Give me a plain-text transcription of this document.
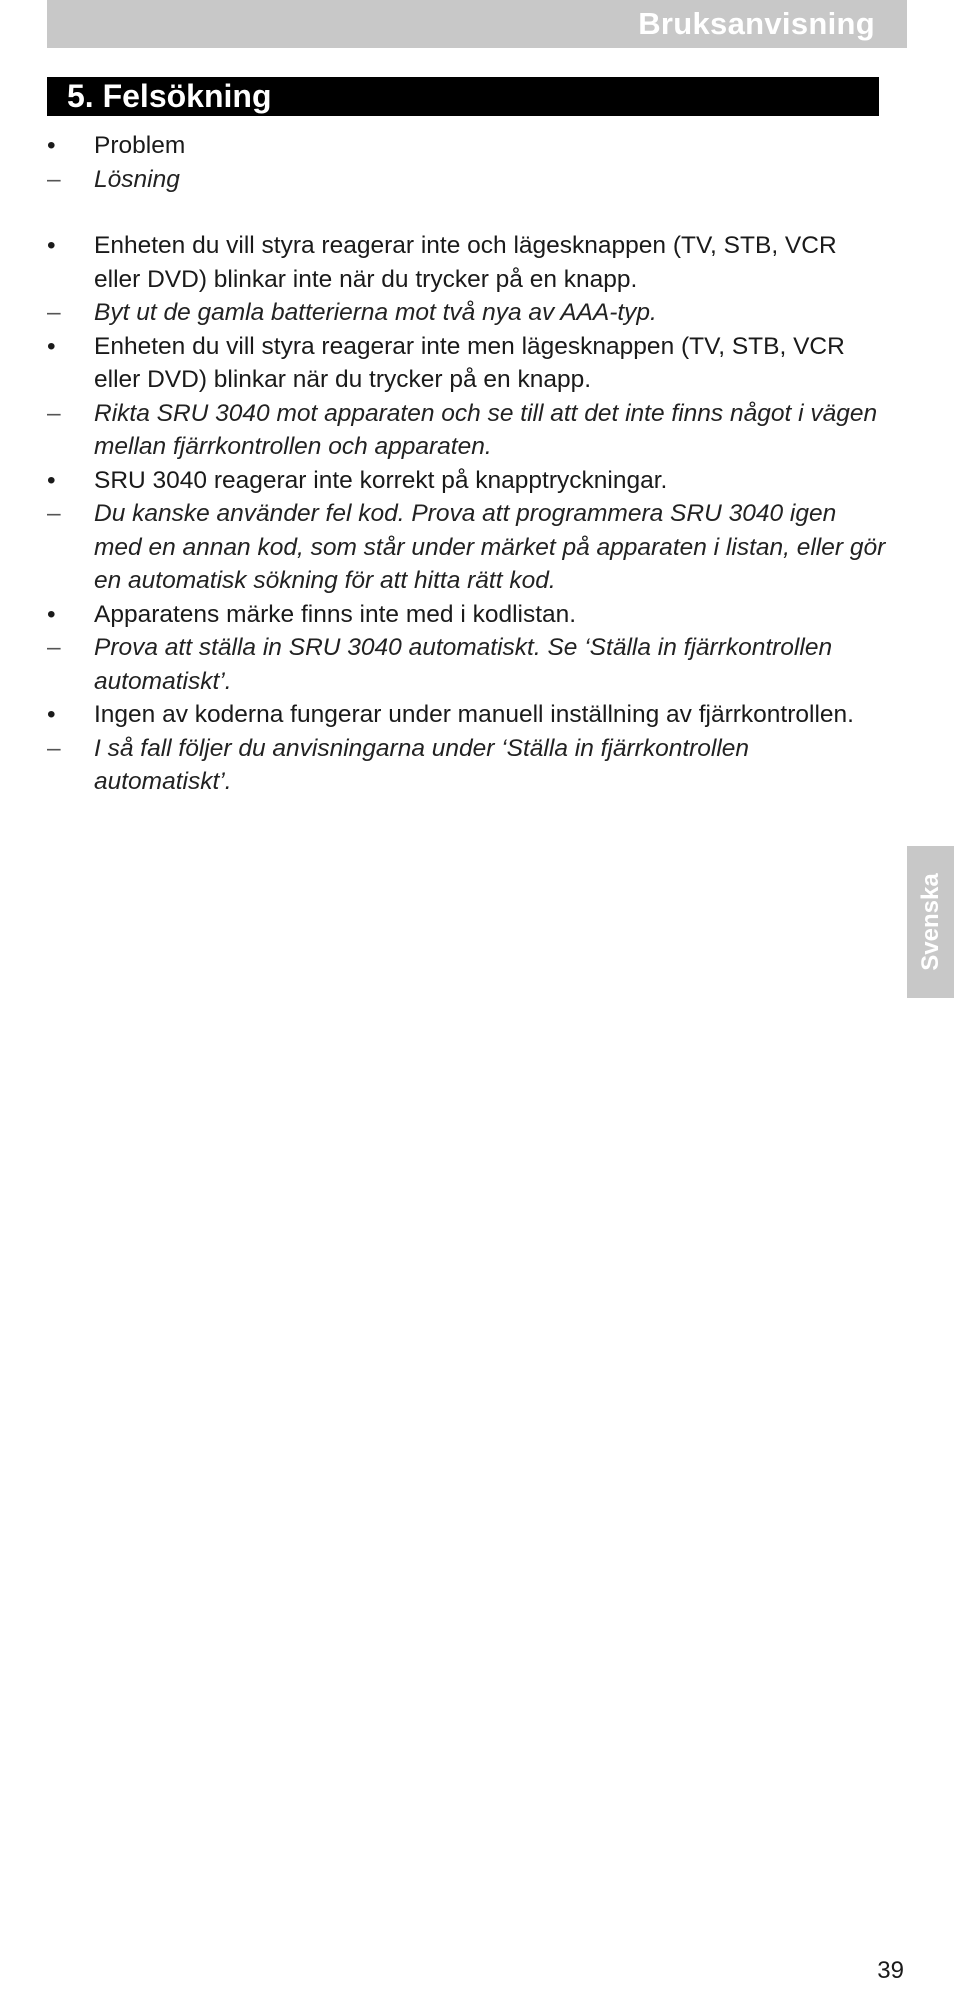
Bruksanvisning
5. Felsökning
•	Problem
– Lösning
•	Enheten du vill styra reagerar inte och lägesknappen (TV, STB, VCR eller DVD) blinkar inte när du trycker på en knapp.
– Byt ut de gamla batterierna mot två nya av AAA-typ.
•	Enheten du vill styra reagerar inte men lägesknappen (TV, STB, VCR eller DVD) blinkar när du trycker på en knapp.
– Rikta SRU 3040 mot apparaten och se till att det inte finns något i vägen mellan fjärrkontrollen och apparaten.
•	SRU 3040 reagerar inte korrekt på knapptryckningar.
– Du kanske använder fel kod. Prova att programmera SRU 3040 igen med en annan kod, som står under märket på apparaten i listan, eller gör en automatisk sökning för att hitta rätt kod.
•	Apparatens märke finns inte med i kodlistan.
– Prova att ställa in SRU 3040 automatiskt. Se ‘Ställa in fjärrkontrollen automatiskt’.
•	Ingen av koderna fungerar under manuell inställning av fjärrkontrollen.
– I så fall följer du anvisningarna under ‘Ställa in fjärrkontrollen automatiskt’.
Svenska
39
